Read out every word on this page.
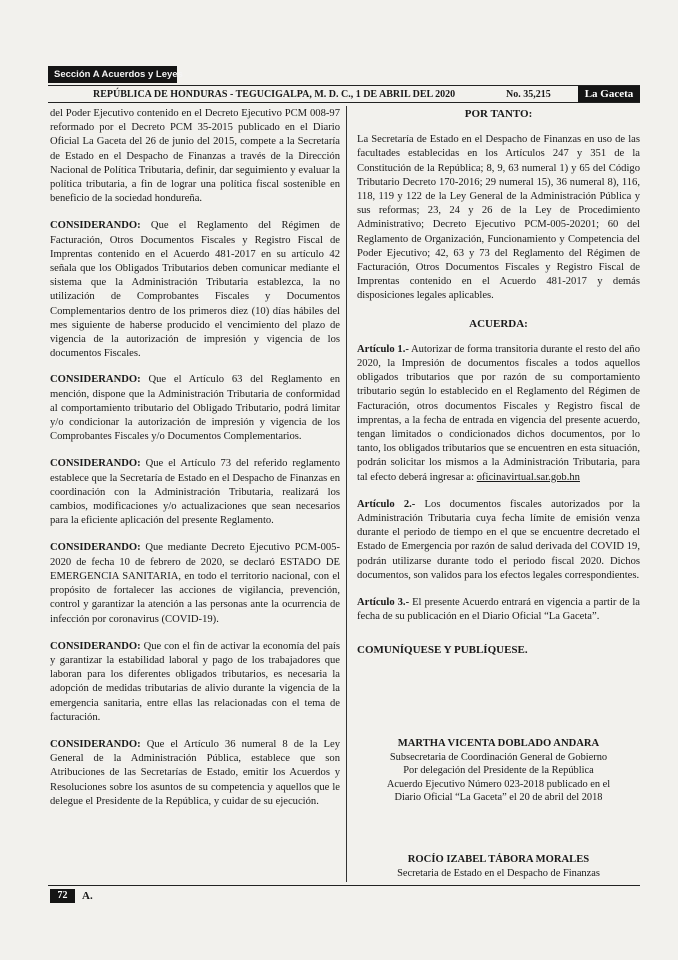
Sección A Acuerdos y Leyes
REPÚBLICA DE HONDURAS - TEGUCIGALPA, M. D. C., 1 DE ABRIL DEL 2020	No. 35,215	La Gaceta

del Poder Ejecutivo contenido en el Decreto Ejecutivo PCM 008-97 reformado por el Decreto PCM 35-2015 publicado en el Diario Oficial La Gaceta del 26 de junio del 2015, compete a la Secretaría de Estado en el Despacho de Finanzas a través de la Dirección Nacional de Política Tributaria, definir, dar seguimiento y evaluar la política tributaria, a fin de lograr una política fiscal sostenible en beneficio de la sociedad hondureña.

CONSIDERANDO: Que el Reglamento del Régimen de Facturación, Otros Documentos Fiscales y Registro Fiscal de Imprentas contenido en el Acuerdo 481-2017 en su artículo 42 señala que los Obligados Tributarios deben comunicar mediante el sistema que la Administración Tributaria establezca, la no utilización de Comprobantes Fiscales y Documentos Complementarios dentro de los primeros diez (10) días hábiles del mes siguiente de haberse producido el vencimiento del plazo de vigencia de la autorización de impresión y vigencia de los documentos Fiscales.

CONSIDERANDO: Que el Artículo 63 del Reglamento en mención, dispone que la Administración Tributaria de conformidad al comportamiento tributario del Obligado Tributario, podrá limitar y/o condicionar la autorización de impresión y vigencia de los Comprobantes Fiscales y/o Documentos Complementarios.

CONSIDERANDO: Que el Artículo 73 del referido reglamento establece que la Secretaría de Estado en el Despacho de Finanzas en coordinación con la Administración Tributaria, realizará los cambios, modificaciones y/o actualizaciones que sean necesarios para la eficiente aplicación del presente Reglamento.

CONSIDERANDO: Que mediante Decreto Ejecutivo PCM-005-2020 de fecha 10 de febrero de 2020, se declaró ESTADO DE EMERGENCIA SANITARIA, en todo el territorio nacional, con el propósito de fortalecer las acciones de vigilancia, prevención, control y garantizar la atención a las personas ante la ocurrencia de infección por coronavirus (COVID-19).

CONSIDERANDO: Que con el fin de activar la economía del país y garantizar la estabilidad laboral y pago de los trabajadores que laboran para los diferentes obligados tributarios, es necesaria la adopción de medidas tributarias de alivio durante la vigencia de la emergencia sanitaria, entre ellas las relacionadas con el tema de facturación.

CONSIDERANDO: Que el Artículo 36 numeral 8 de la Ley General de la Administración Pública, establece que son Atribuciones de las Secretarías de Estado, emitir los Acuerdos y Resoluciones sobre los asuntos de su competencia y aquellos que le delegue el Presidente de la República, y cuidar de su ejecución.

POR TANTO:

La Secretaría de Estado en el Despacho de Finanzas en uso de las facultades establecidas en los Artículos 247 y 351 de la Constitución de la República; 8, 9, 63 numeral 1) y 65 del Código Tributario Decreto 170-2016; 29 numeral 15), 36 numeral 8), 116, 118, 119 y 122 de la Ley General de la Administración Pública y sus reformas; 23, 24 y 26 de la Ley de Procedimiento Administrativo; Decreto Ejecutivo PCM-005-20201; 60 del Reglamento de Organización, Funcionamiento y Competencia del Poder Ejecutivo; 42, 63 y 73 del Reglamento del Régimen de Facturación, Otros Documentos Fiscales y Registro Fiscal de Imprentas contenido en el Acuerdo 481-2017 y demás disposiciones legales aplicables.

ACUERDA:

Artículo 1.- Autorizar de forma transitoria durante el resto del año 2020, la Impresión de documentos fiscales a todos aquellos obligados tributarios que por razón de su comportamiento tributario según lo establecido en el Reglamento del Régimen de Facturación, otros documentos Fiscales y Registro fiscal de imprentas, a la fecha de entrada en vigencia del presente acuerdo, tengan limitados o condicionados dichos documentos, por lo tanto, los obligados tributarios que se encuentren en esta situación, podrán solicitar los mismos a la Administración Tributaria, para tal efecto deberá ingresar a: oficinavirtual.sar.gob.hn

Artículo 2.- Los documentos fiscales autorizados por la Administración Tributaria cuya fecha límite de emisión venza durante el periodo de tiempo en el que se encuentre decretado el Estado de Emergencia por razón de salud derivada del COVID 19, podrán utilizarse durante todo el periodo fiscal 2020. Dichos documentos, son validos para los efectos legales correspondientes.

Artículo 3.- El presente Acuerdo entrará en vigencia a partir de la fecha de su publicación en el Diario Oficial “La Gaceta”.

COMUNÍQUESE Y PUBLÍQUESE.
MARTHA VICENTA DOBLADO ANDARA
Subsecretaria de Coordinación General de Gobierno
Por delegación del Presidente de la República
Acuerdo Ejecutivo Número 023-2018 publicado en el
Diario Oficial “La Gaceta” el 20 de abril del 2018
ROCÍO IZABEL TÁBORA MORALES
Secretaria de Estado en el Despacho de Finanzas
72	A.
